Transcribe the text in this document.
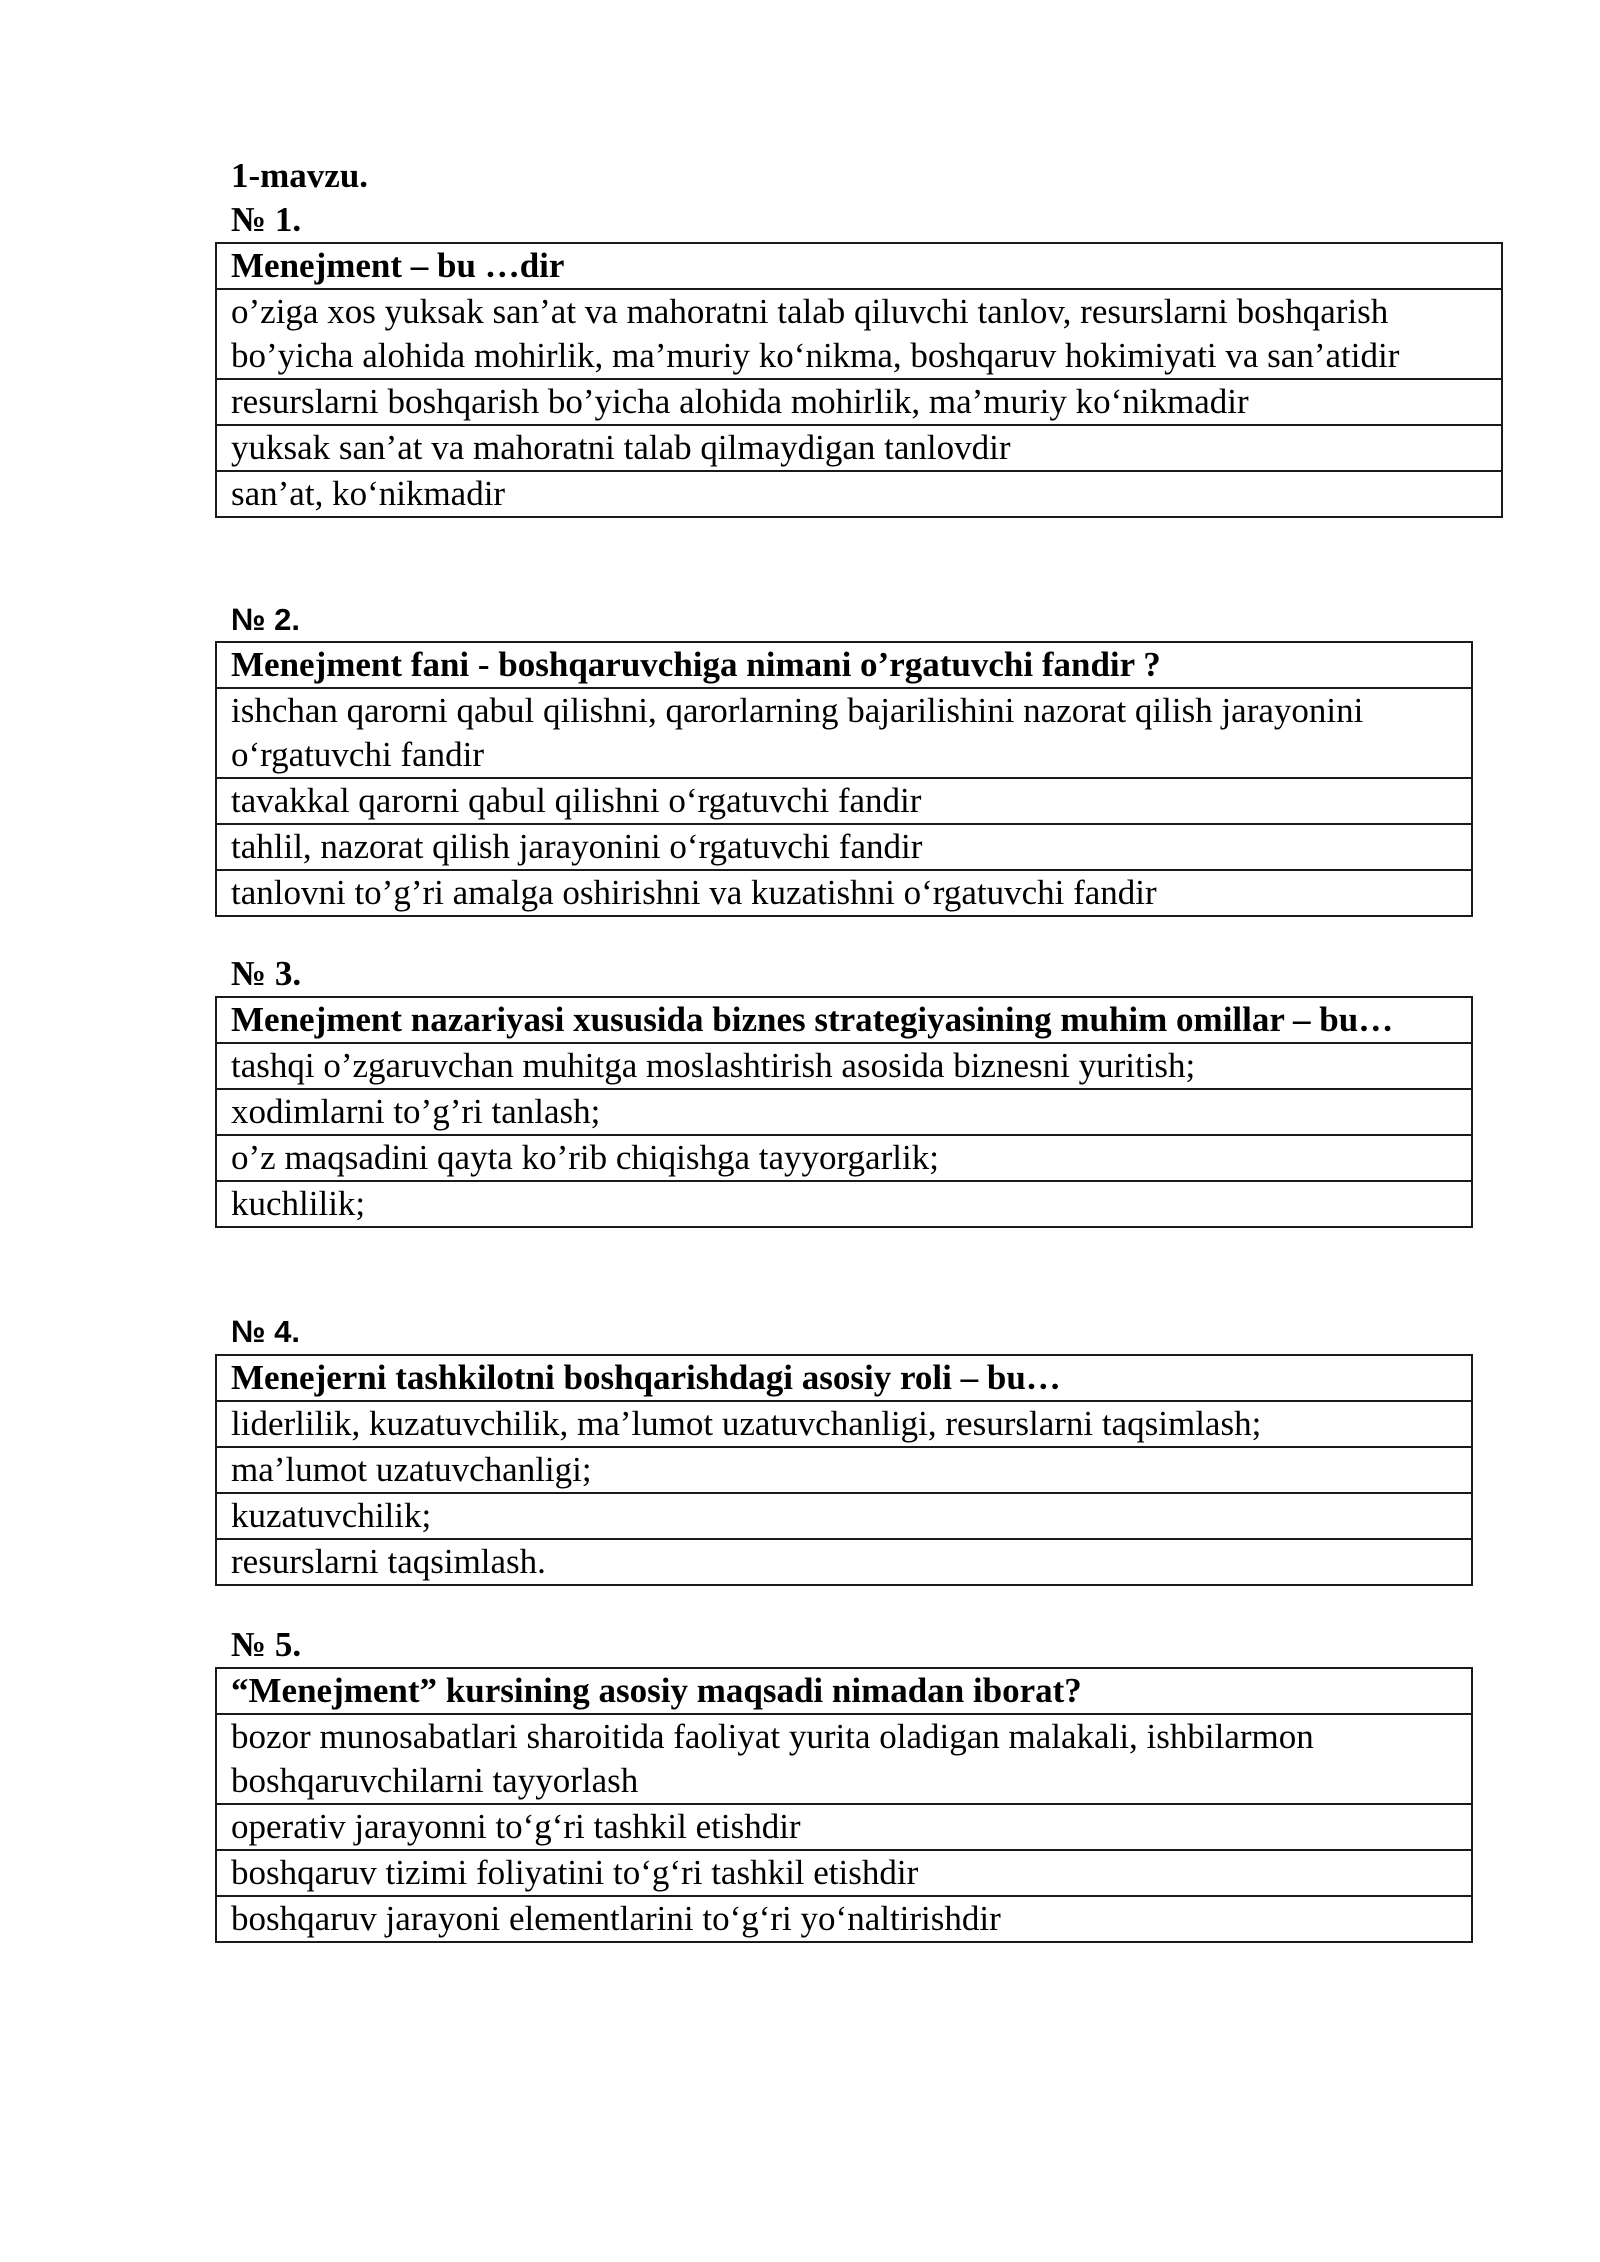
1-mavzu.
№ 1.
Menejment – bu …dir
o’ziga xos yuksak san’at va mahoratni talab qiluvchi tanlov, resurslarni boshqarish bo’yicha alohida mohirlik, ma’muriy ko‘nikma, boshqaruv hokimiyati va san’atidir
resurslarni boshqarish bo’yicha alohida mohirlik, ma’muriy ko‘nikmadir
yuksak san’at va mahoratni talab qilmaydigan tanlovdir
san’at, ko‘nikmadir
№ 2.
Menejment fani - boshqaruvchiga nimani o’rgatuvchi fandir ?
ishchan qarorni qabul qilishni, qarorlarning bajarilishini nazorat qilish jarayonini o‘rgatuvchi fandir
tavakkal qarorni qabul qilishni o‘rgatuvchi fandir
tahlil, nazorat qilish jarayonini o‘rgatuvchi fandir
tanlovni to’g’ri amalga oshirishni va kuzatishni o‘rgatuvchi fandir
№ 3.
Menejment nazariyasi xususida biznes strategiyasining muhim omillar – bu…
tashqi o’zgaruvchan muhitga moslashtirish asosida biznesni yuritish;
xodimlarni to’g’ri tanlash;
o’z maqsadini qayta ko’rib chiqishga tayyorgarlik;
kuchlilik;
№ 4.
Menejerni tashkilotni boshqarishdagi asosiy roli – bu…
liderlilik, kuzatuvchilik, ma’lumot uzatuvchanligi, resurslarni taqsimlash;
ma’lumot uzatuvchanligi;
kuzatuvchilik;
resurslarni taqsimlash.
№ 5.
“Menejment” kursining asosiy maqsadi nimadan iborat?
bozor munosabatlari sharoitida faoliyat yurita oladigan malakali, ishbilarmon boshqaruvchilarni tayyorlash
operativ jarayonni to‘g‘ri tashkil etishdir
boshqaruv tizimi foliyatini to‘g‘ri tashkil etishdir
boshqaruv jarayoni elementlarini to‘g‘ri yo‘naltirishdir
